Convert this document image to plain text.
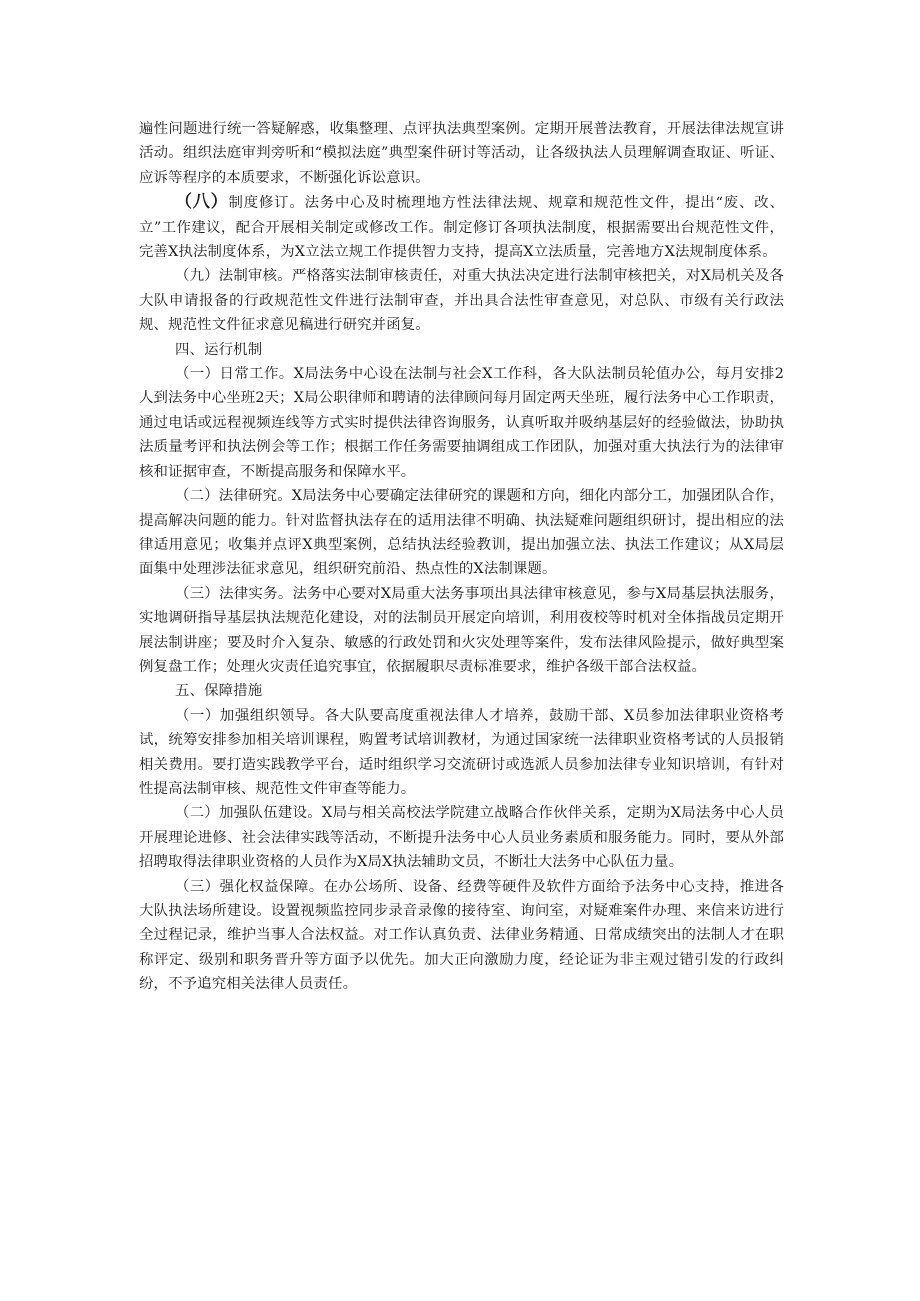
遍性问题进行统一答疑解惑，收集整理、点评执法典型案例。定期开展普法教育，开展法律法规宣讲活动。组织法庭审判旁听和“模拟法庭”典型案件研讨等活动，让各级执法人员理解调查取证、听证、应诉等程序的本质要求，不断强化诉讼意识。

（八）制度修订。法务中心及时梳理地方性法律法规、规章和规范性文件，提出“废、改、立”工作建议，配合开展相关制定或修改工作。制定修订各项执法制度，根据需要出台规范性文件，完善X执法制度体系，为X立法立规工作提供智力支持，提高X立法质量，完善地方X法规制度体系。

（九）法制审核。严格落实法制审核责任，对重大执法决定进行法制审核把关，对X局机关及各大队申请报备的行政规范性文件进行法制审查，并出具合法性审查意见，对总队、市级有关行政法规、规范性文件征求意见稿进行研究并函复。

四、运行机制

（一）日常工作。X局法务中心设在法制与社会X工作科，各大队法制员轮值办公，每月安排2人到法务中心坐班2天；X局公职律师和聘请的法律顾问每月固定两天坐班，履行法务中心工作职责，通过电话或远程视频连线等方式实时提供法律咨询服务，认真听取并吸纳基层好的经验做法，协助执法质量考评和执法例会等工作；根据工作任务需要抽调组成工作团队，加强对重大执法行为的法律审核和证据审查，不断提高服务和保障水平。

（二）法律研究。X局法务中心要确定法律研究的课题和方向，细化内部分工，加强团队合作，提高解决问题的能力。针对监督执法存在的适用法律不明确、执法疑难问题组织研讨，提出相应的法律适用意见；收集并点评X典型案例，总结执法经验教训，提出加强立法、执法工作建议；从X局层面集中处理涉法征求意见，组织研究前沿、热点性的X法制课题。

（三）法律实务。法务中心要对X局重大法务事项出具法律审核意见，参与X局基层执法服务，实地调研指导基层执法规范化建设，对的法制员开展定向培训，利用夜校等时机对全体指战员定期开展法制讲座；要及时介入复杂、敏感的行政处罚和火灾处理等案件，发布法律风险提示，做好典型案例复盘工作；处理火灾责任追究事宜，依据履职尽责标准要求，维护各级干部合法权益。

五、保障措施

（一）加强组织领导。各大队要高度重视法律人才培养，鼓励干部、X员参加法律职业资格考试，统筹安排参加相关培训课程，购置考试培训教材，为通过国家统一法律职业资格考试的人员报销相关费用。要打造实践教学平台，适时组织学习交流研讨或选派人员参加法律专业知识培训，有针对性提高法制审核、规范性文件审查等能力。

（二）加强队伍建设。X局与相关高校法学院建立战略合作伙伴关系，定期为X局法务中心人员开展理论进修、社会法律实践等活动，不断提升法务中心人员业务素质和服务能力。同时，要从外部招聘取得法律职业资格的人员作为X局X执法辅助文员，不断壮大法务中心队伍力量。

（三）强化权益保障。在办公场所、设备、经费等硬件及软件方面给予法务中心支持，推进各大队执法场所建设。设置视频监控同步录音录像的接待室、询问室，对疑难案件办理、来信来访进行全过程记录，维护当事人合法权益。对工作认真负责、法律业务精通、日常成绩突出的法制人才在职称评定、级别和职务晋升等方面予以优先。加大正向激励力度，经论证为非主观过错引发的行政纠纷，不予追究相关法律人员责任。
